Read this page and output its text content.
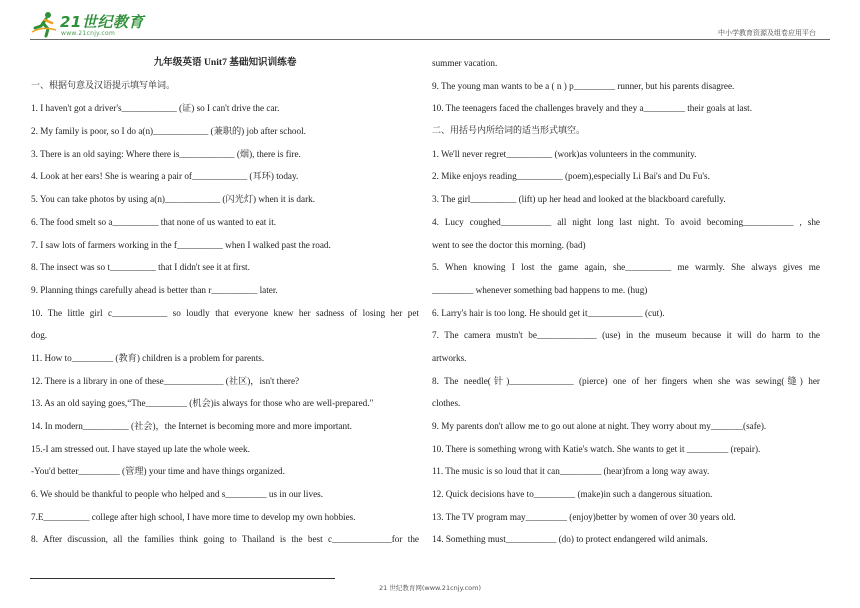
21世纪教育
www.21cnjy.com	中小学教育资源及组卷应用平台
九年级英语 Unit7 基础知识训练卷
一、根据句意及汉语提示填写单词。
1. I haven't got a driver's____________ (证) so I can't drive the car.
2. My family is poor, so I do a(n)____________ (兼职的) job after school.
3. There is an old saying: Where there is____________ (烟), there is fire.
4. Look at her ears! She is wearing a pair of____________ (耳环) today.
5. You can take photos by using a(n)____________ (闪光灯) when it is dark.
6. The food smelt so a__________ that none of us wanted to eat it.
7. I saw lots of farmers working in the f__________ when I walked past the road.
8. The insect was so t__________ that I didn't see it at first.
9. Planning things carefully ahead is better than r__________ later.
10. The little girl c____________ so loudly that everyone knew her sadness of losing her pet
dog.
11. How to_________ (教育) children is a problem for parents.
12. There is a library in one of these_____________ (社区)，isn't there?
13. As an old saying goes,“The_________ (机会)is always for those who are well-prepared."
14. In modern__________ (社会)，the Internet is becoming more and more important.
15.-I am stressed out. I have stayed up late the whole week.
-You'd better_________ (管理) your time and have things organized.
6. We should be thankful to people who helped and s_________ us in our lives.
7.E__________ college after high school, I have more time to develop my own hobbies.
8. After discussion, all the families think going to Thailand is the best c_____________for the
summer vacation.
9. The young man wants to be a ( n ) p_________ runner, but his parents disagree.
10. The teenagers faced the challenges bravely and they a_________ their goals at last.
二、用括号内所给词的适当形式填空。
1. We'll never regret__________ (work)as volunteers in the community.
2. Mike enjoys reading__________ (poem),especially Li Bai's and Du Fu's.
3. The girl__________ (lift) up her head and looked at the blackboard carefully.
4. Lucy coughed___________ all night long last night. To avoid becoming___________ , she
went to see the doctor this morning. (bad)
5. When knowing I lost the game again, she__________ me warmly. She always gives me
_________ whenever something bad happens to me. (hug)
6. Larry's hair is too long. He should get it____________ (cut).
7. The camera mustn't be_____________ (use) in the museum because it will do harm to the
artworks.
8. The needle(针)______________ (pierce) one of her fingers when she was sewing(缝) her
clothes.
9. My parents don't allow me to go out alone at night. They worry about my_______(safe).
10. There is something wrong with Katie's watch. She wants to get it _________ (repair).
11. The music is so loud that it can_________ (hear)from a long way away.
12. Quick decisions have to_________ (make)in such a dangerous situation.
13. The TV program may_________ (enjoy)better by women of over 30 years old.
14. Something must___________ (do) to protect endangered wild animals.
21 世纪教育网(www.21cnjy.com)
